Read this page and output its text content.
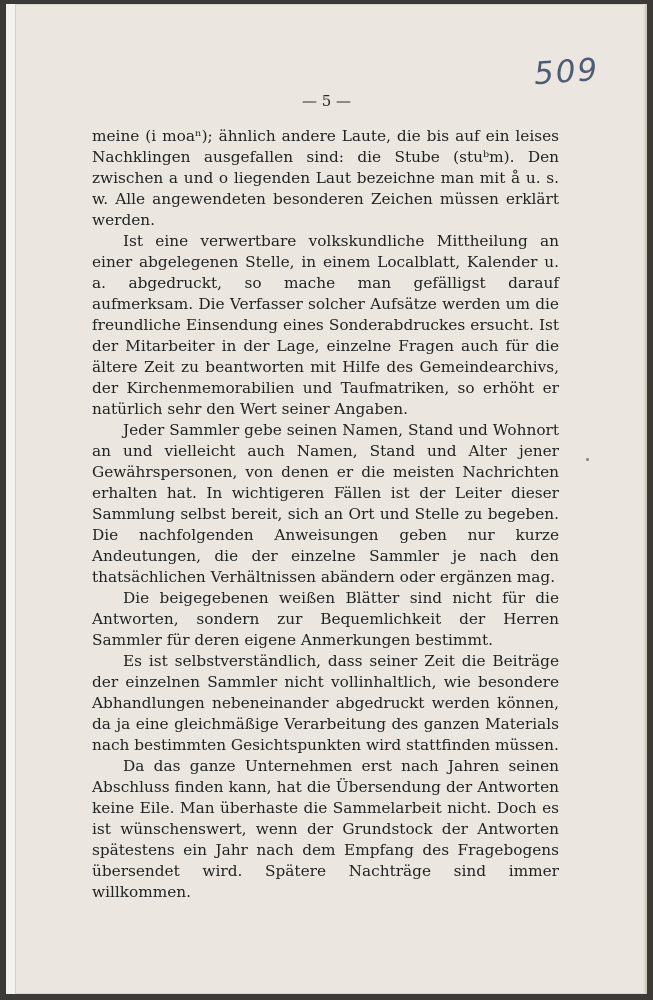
509
— 5 —

meine (i moaⁿ); ähnlich andere Laute, die bis auf ein leises Nachklingen ausgefallen sind: die Stube (stuᵇm). Den zwischen a und o liegenden Laut bezeichne man mit å u. s. w. Alle angewendeten besonderen Zeichen müssen erklärt werden.

Ist eine verwertbare volkskundliche Mittheilung an einer abgelegenen Stelle, in einem Localblatt, Kalender u. a. abgedruckt, so mache man gefälligst darauf aufmerksam. Die Verfasser solcher Aufsätze werden um die freundliche Einsendung eines Sonderabdruckes ersucht. Ist der Mitarbeiter in der Lage, einzelne Fragen auch für die ältere Zeit zu beantworten mit Hilfe des Gemeindearchivs, der Kirchenmemorabilien und Taufmatriken, so erhöht er natürlich sehr den Wert seiner Angaben.

Jeder Sammler gebe seinen Namen, Stand und Wohnort an und vielleicht auch Namen, Stand und Alter jener Gewährspersonen, von denen er die meisten Nachrichten erhalten hat. In wichtigeren Fällen ist der Leiter dieser Sammlung selbst bereit, sich an Ort und Stelle zu begeben. Die nachfolgenden Anweisungen geben nur kurze Andeutungen, die der einzelne Sammler je nach den thatsächlichen Verhältnissen abändern oder ergänzen mag.

Die beigegebenen weißen Blätter sind nicht für die Antworten, sondern zur Bequemlichkeit der Herren Sammler für deren eigene Anmerkungen bestimmt.

Es ist selbstverständlich, dass seiner Zeit die Beiträge der einzelnen Sammler nicht vollinhaltlich, wie besondere Abhandlungen nebeneinander abgedruckt werden können, da ja eine gleichmäßige Verarbeitung des ganzen Materials nach bestimmten Gesichtspunkten wird stattfinden müssen.

Da das ganze Unternehmen erst nach Jahren seinen Abschluss finden kann, hat die Übersendung der Antworten keine Eile. Man überhaste die Sammelarbeit nicht. Doch es ist wünschenswert, wenn der Grundstock der Antworten spätestens ein Jahr nach dem Empfang des Fragebogens übersendet wird. Spätere Nachträge sind immer willkommen.
